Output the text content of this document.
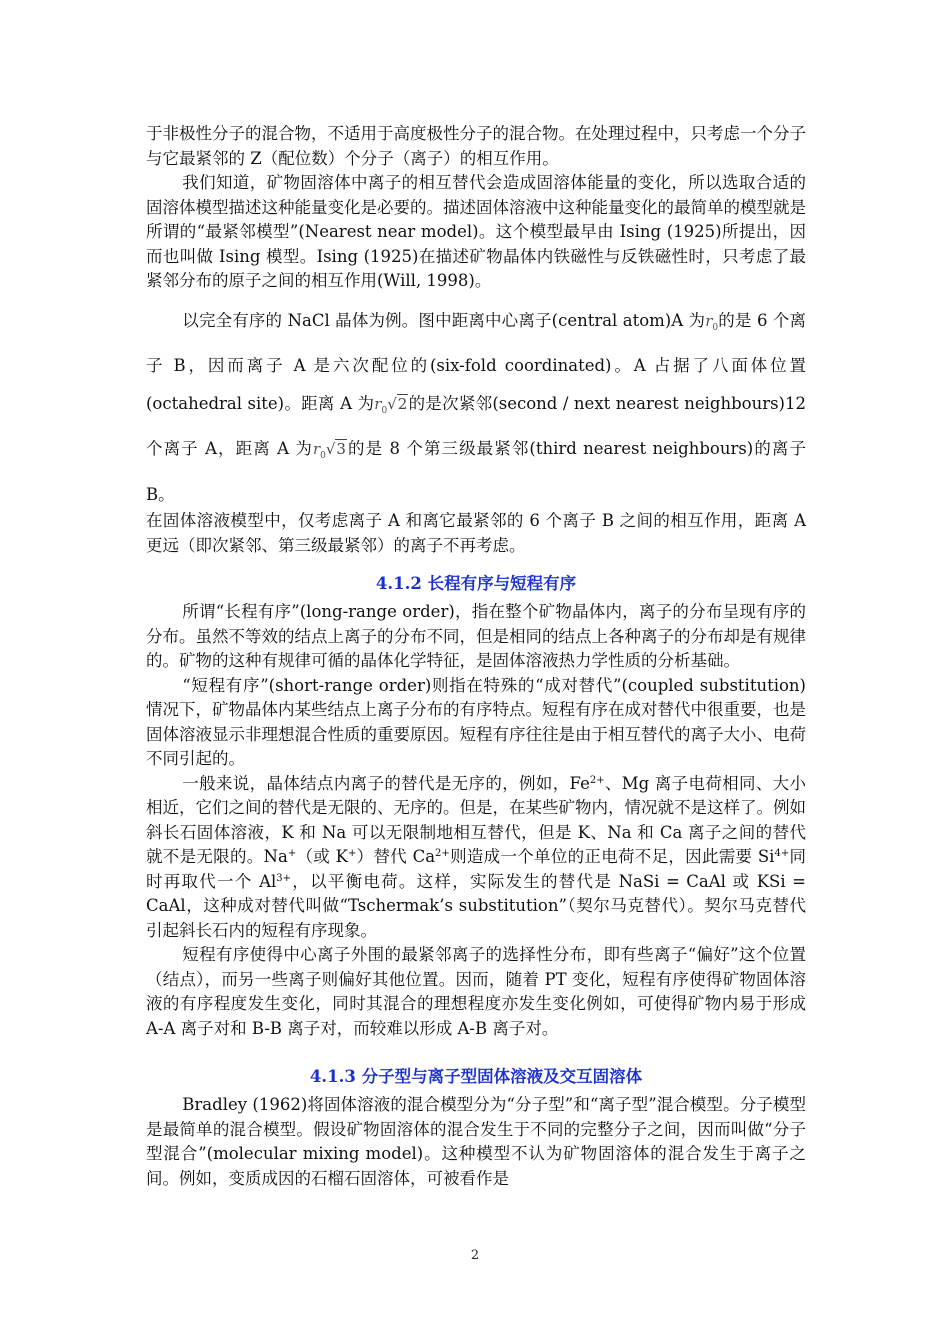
于非极性分子的混合物，不适用于高度极性分子的混合物。在处理过程中，只考虑一个分子与它最紧邻的 Z（配位数）个分子（离子）的相互作用。

我们知道，矿物固溶体中离子的相互替代会造成固溶体能量的变化，所以选取合适的固溶体模型描述这种能量变化是必要的。描述固体溶液中这种能量变化的最简单的模型就是所谓的“最紧邻模型”(Nearest near model)。这个模型最早由 Ising (1925)所提出，因而也叫做 Ising 模型。Ising (1925)在描述矿物晶体内铁磁性与反铁磁性时，只考虑了最紧邻分布的原子之间的相互作用(Will, 1998)。

以完全有序的 NaCl 晶体为例。图中距离中心离子(central atom)A 为$r_0$的是 6 个离子 B，因而离子 A 是六次配位的(six-fold coordinated)。A 占据了八面体位置(octahedral site)。距离 A 为$r_0√2$的是次紧邻(second / next nearest neighbours)12 个离子 A，距离 A 为$r_0√3$的是 8 个第三级最紧邻(third nearest neighbours)的离子 B。

在固体溶液模型中，仅考虑离子 A 和离它最紧邻的 6 个离子 B 之间的相互作用，距离 A 更远（即次紧邻、第三级最紧邻）的离子不再考虑。

4.1.2 长程有序与短程有序

所谓“长程有序”(long-range order)，指在整个矿物晶体内，离子的分布呈现有序的分布。虽然不等效的结点上离子的分布不同，但是相同的结点上各种离子的分布却是有规律的。矿物的这种有规律可循的晶体化学特征，是固体溶液热力学性质的分析基础。

“短程有序”(short-range order)则指在特殊的“成对替代”(coupled substitution)情况下，矿物晶体内某些结点上离子分布的有序特点。短程有序在成对替代中很重要，也是固体溶液显示非理想混合性质的重要原因。短程有序往往是由于相互替代的离子大小、电荷不同引起的。

一般来说，晶体结点内离子的替代是无序的，例如，$Fe^{2+}$、Mg 离子电荷相同、大小相近，它们之间的替代是无限的、无序的。但是，在某些矿物内，情况就不是这样了。例如斜长石固体溶液，K 和 Na 可以无限制地相互替代，但是 K、Na 和 Ca 离子之间的替代就不是无限的。Na+（或 K+）替代 $Ca^{2+}$则造成一个单位的正电荷不足，因此需要 $Si^{4+}$同时再取代一个 $Al^{3+}$，以平衡电荷。这样，实际发生的替代是 NaSi = CaAl 或 KSi = CaAl，这种成对替代叫做“Tschermak’s substitution”（契尔马克替代）。契尔马克替代引起斜长石内的短程有序现象。

短程有序使得中心离子外围的最紧邻离子的选择性分布，即有些离子“偏好”这个位置（结点），而另一些离子则偏好其他位置。因而，随着 PT 变化，短程有序使得矿物固体溶液的有序程度发生变化，同时其混合的理想程度亦发生变化例如，可使得矿物内易于形成 A-A 离子对和 B-B 离子对，而较难以形成 A-B 离子对。

4.1.3 分子型与离子型固体溶液及交互固溶体

Bradley (1962)将固体溶液的混合模型分为“分子型”和“离子型”混合模型。分子模型是最简单的混合模型。假设矿物固溶体的混合发生于不同的完整分子之间，因而叫做“分子型混合”(molecular mixing model)。这种模型不认为矿物固溶体的混合发生于离子之间。例如，变质成因的石榴石固溶体，可被看作是

2
